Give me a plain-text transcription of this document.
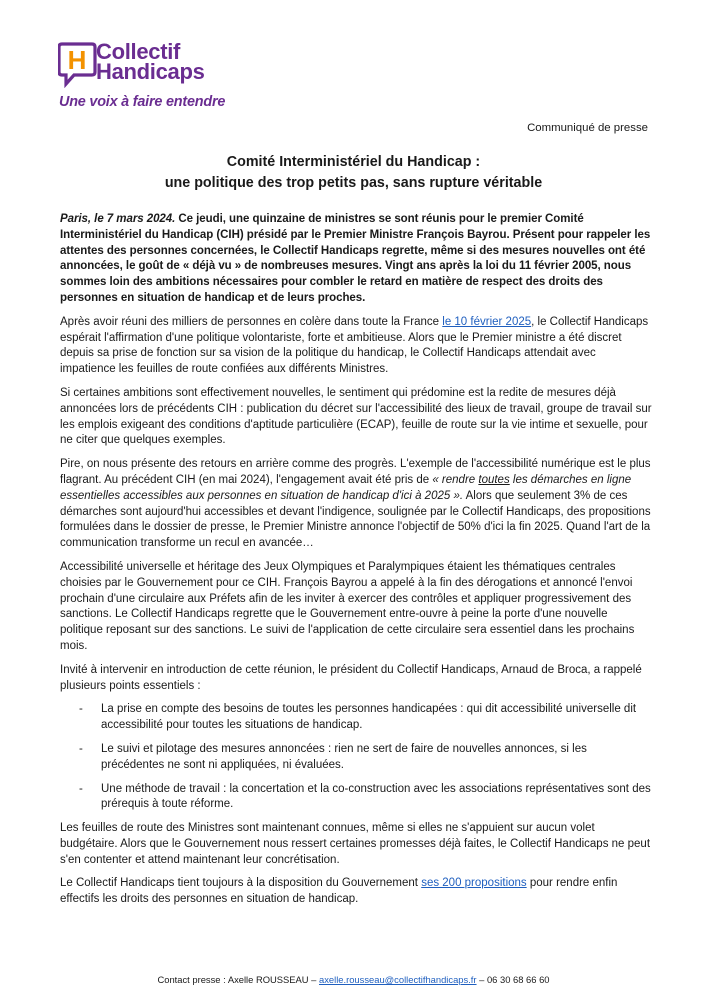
H Collectif
Handicaps
Une voix à faire entendre
Communiqué de presse
Comité Interministériel du Handicap :
une politique des trop petits pas, sans rupture véritable

Paris, le 7 mars 2024. Ce jeudi, une quinzaine de ministres se sont réunis pour le premier Comité Interministériel du Handicap (CIH) présidé par le Premier Ministre François Bayrou. Présent pour rappeler les attentes des personnes concernées, le Collectif Handicaps regrette, même si des mesures nouvelles ont été annoncées, le goût de « déjà vu » de nombreuses mesures. Vingt ans après la loi du 11 février 2005, nous sommes loin des ambitions nécessaires pour combler le retard en matière de respect des droits des personnes en situation de handicap et de leurs proches.

Après avoir réuni des milliers de personnes en colère dans toute la France le 10 février 2025, le Collectif Handicaps espérait l'affirmation d'une politique volontariste, forte et ambitieuse. Alors que le Premier ministre a été discret depuis sa prise de fonction sur sa vision de la politique du handicap, le Collectif Handicaps attendait avec impatience les feuilles de route confiées aux différents Ministres.

Si certaines ambitions sont effectivement nouvelles, le sentiment qui prédomine est la redite de mesures déjà annoncées lors de précédents CIH : publication du décret sur l'accessibilité des lieux de travail, groupe de travail sur les emplois exigeant des conditions d'aptitude particulière (ECAP), feuille de route sur la vie intime et sexuelle, pour ne citer que quelques exemples.

Pire, on nous présente des retours en arrière comme des progrès. L'exemple de l'accessibilité numérique est le plus flagrant. Au précédent CIH (en mai 2024), l'engagement avait été pris de « rendre toutes les démarches en ligne essentielles accessibles aux personnes en situation de handicap d'ici à 2025 ». Alors que seulement 3% de ces démarches sont aujourd'hui accessibles et devant l'indigence, soulignée par le Collectif Handicaps, des propositions formulées dans le dossier de presse, le Premier Ministre annonce l'objectif de 50% d'ici la fin 2025. Quand l'art de la communication transforme un recul en avancée…

Accessibilité universelle et héritage des Jeux Olympiques et Paralympiques étaient les thématiques centrales choisies par le Gouvernement pour ce CIH. François Bayrou a appelé à la fin des dérogations et annoncé l'envoi prochain d'une circulaire aux Préfets afin de les inviter à exercer des contrôles et appliquer progressivement des sanctions. Le Collectif Handicaps regrette que le Gouvernement entre-ouvre à peine la porte d'une nouvelle politique reposant sur des sanctions. Le suivi de l'application de cette circulaire sera essentiel dans les prochains mois.

Invité à intervenir en introduction de cette réunion, le président du Collectif Handicaps, Arnaud de Broca, a rappelé plusieurs points essentiels :

- La prise en compte des besoins de toutes les personnes handicapées : qui dit accessibilité universelle dit accessibilité pour toutes les situations de handicap.
- Le suivi et pilotage des mesures annoncées : rien ne sert de faire de nouvelles annonces, si les précédentes ne sont ni appliquées, ni évaluées.
- Une méthode de travail : la concertation et la co-construction avec les associations représentatives sont des prérequis à toute réforme.

Les feuilles de route des Ministres sont maintenant connues, même si elles ne s'appuient sur aucun volet budgétaire. Alors que le Gouvernement nous ressert certaines promesses déjà faites, le Collectif Handicaps ne peut s'en contenter et attend maintenant leur concrétisation.

Le Collectif Handicaps tient toujours à la disposition du Gouvernement ses 200 propositions pour rendre enfin effectifs les droits des personnes en situation de handicap.

Contact presse : Axelle ROUSSEAU – axelle.rousseau@collectifhandicaps.fr – 06 30 68 66 60
